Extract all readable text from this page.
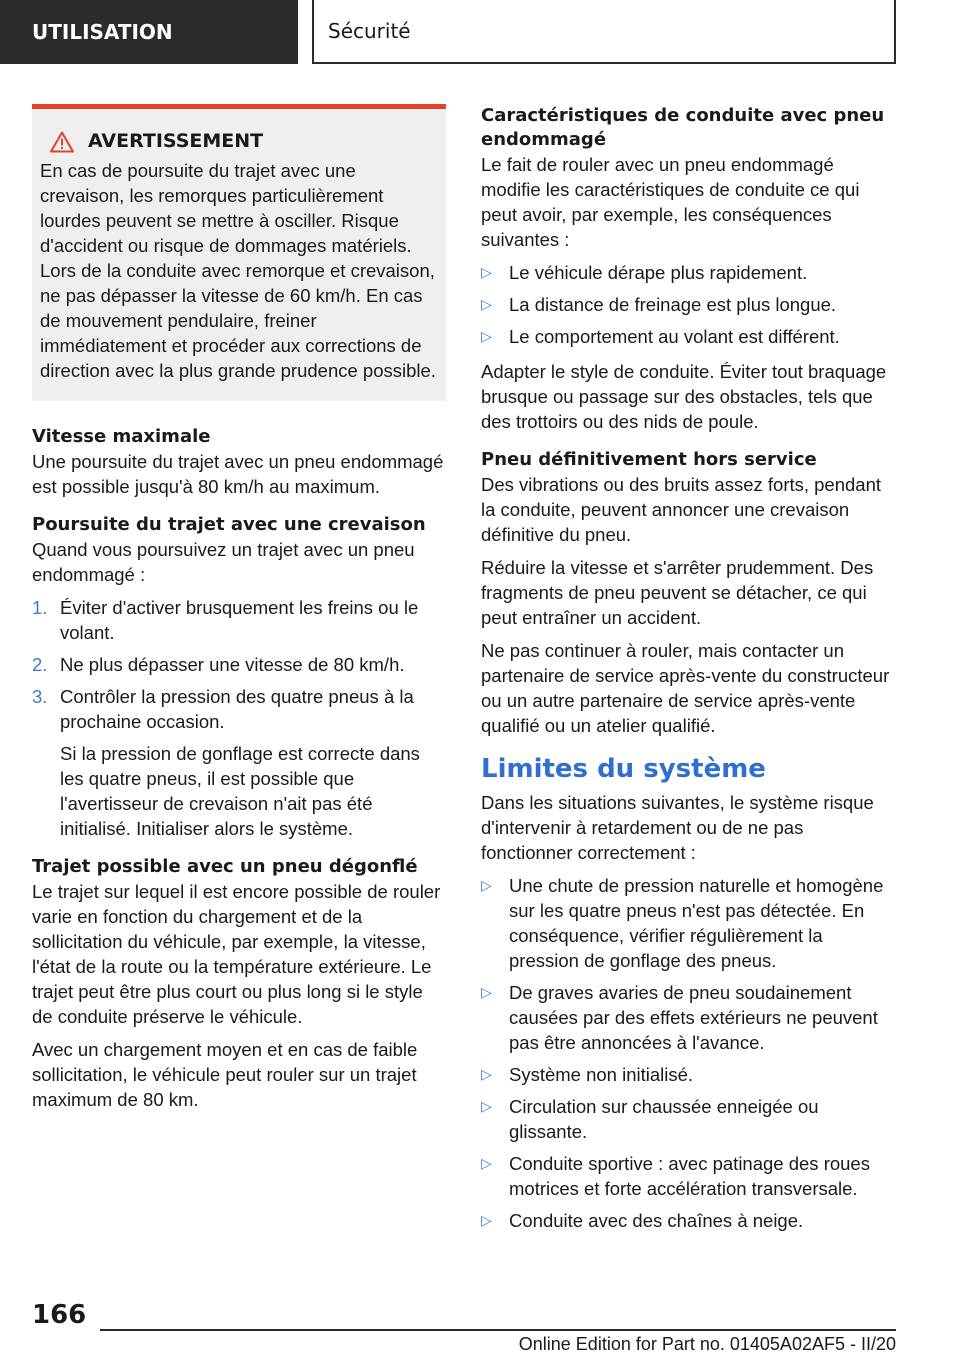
UTILISATION	Sécurité
AVERTISSEMENT
En cas de poursuite du trajet avec une crevaison, les remorques particulièrement lourdes peuvent se mettre à osciller. Risque d'accident ou risque de dommages matériels. Lors de la conduite avec remorque et crevaison, ne pas dépasser la vitesse de 60 km/h. En cas de mouvement pendulaire, freiner immédiatement et procéder aux corrections de direction avec la plus grande prudence possible.
Vitesse maximale

Une poursuite du trajet avec un pneu endommagé est possible jusqu'à 80 km/h au maximum.

Poursuite du trajet avec une crevaison

Quand vous poursuivez un trajet avec un pneu endommagé :

1. Éviter d'activer brusquement les freins ou le volant.
2. Ne plus dépasser une vitesse de 80 km/h.
3. Contrôler la pression des quatre pneus à la prochaine occasion.
Si la pression de gonflage est correcte dans les quatre pneus, il est possible que l'avertisseur de crevaison n'ait pas été initialisé. Initialiser alors le système.
Trajet possible avec un pneu dégonflé

Le trajet sur lequel il est encore possible de rouler varie en fonction du chargement et de la sollicitation du véhicule, par exemple, la vitesse, l'état de la route ou la température extérieure. Le trajet peut être plus court ou plus long si le style de conduite préserve le véhicule.

Avec un chargement moyen et en cas de faible sollicitation, le véhicule peut rouler sur un trajet maximum de 80 km.

Caractéristiques de conduite avec pneu endommagé

Le fait de rouler avec un pneu endommagé modifie les caractéristiques de conduite ce qui peut avoir, par exemple, les conséquences suivantes :

▷ Le véhicule dérape plus rapidement.
▷ La distance de freinage est plus longue.
▷ Le comportement au volant est différent.

Adapter le style de conduite. Éviter tout braquage brusque ou passage sur des obstacles, tels que des trottoirs ou des nids de poule.

Pneu définitivement hors service

Des vibrations ou des bruits assez forts, pendant la conduite, peuvent annoncer une crevaison définitive du pneu.

Réduire la vitesse et s'arrêter prudemment. Des fragments de pneu peuvent se détacher, ce qui peut entraîner un accident.

Ne pas continuer à rouler, mais contacter un partenaire de service après-vente du constructeur ou un autre partenaire de service après-vente qualifié ou un atelier qualifié.

Limites du système

Dans les situations suivantes, le système risque d'intervenir à retardement ou de ne pas fonctionner correctement :

▷ Une chute de pression naturelle et homogène sur les quatre pneus n'est pas détectée. En conséquence, vérifier régulièrement la pression de gonflage des pneus.
▷ De graves avaries de pneu soudainement causées par des effets extérieurs ne peuvent pas être annoncées à l'avance.
▷ Système non initialisé.
▷ Circulation sur chaussée enneigée ou glissante.
▷ Conduite sportive : avec patinage des roues motrices et forte accélération transversale.
▷ Conduite avec des chaînes à neige.
166
Online Edition for Part no. 01405A02AF5 - II/20
